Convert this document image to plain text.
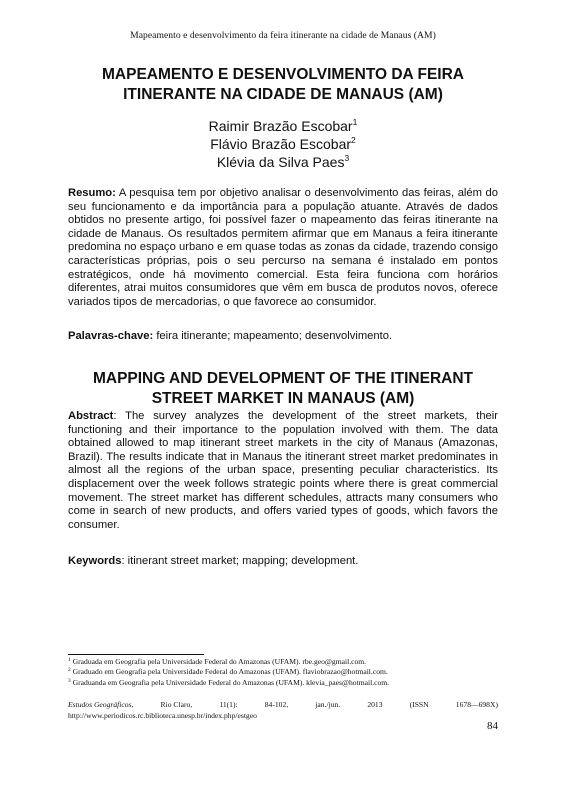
Mapeamento e desenvolvimento da feira itinerante na cidade de Manaus (AM)
MAPEAMENTO E DESENVOLVIMENTO DA FEIRA
ITINERANTE NA CIDADE DE MANAUS (AM)
Raimir Brazão Escobar$^1$
Flávio Brazão Escobar$^2$
Klévia da Silva Paes$^3$

Resumo: A pesquisa tem por objetivo analisar o desenvolvimento das feiras, além do seu funcionamento e da importância para a população atuante. Através de dados obtidos no presente artigo, foi possível fazer o mapeamento das feiras itinerante na cidade de Manaus. Os resultados permitem afirmar que em Manaus a feira itinerante predomina no espaço urbano e em quase todas as zonas da cidade, trazendo consigo características próprias, pois o seu percurso na semana é instalado em pontos estratégicos, onde há movimento comercial. Esta feira funciona com horários diferentes, atrai muitos consumidores que vêm em busca de produtos novos, oferece variados tipos de mercadorias, o que favorece ao consumidor.

Palavras-chave: feira itinerante; mapeamento; desenvolvimento.

MAPPING AND DEVELOPMENT OF THE ITINERANT
STREET MARKET IN MANAUS (AM)

Abstract: The survey analyzes the development of the street markets, their functioning and their importance to the population involved with them. The data obtained allowed to map itinerant street markets in the city of Manaus (Amazonas, Brazil). The results indicate that in Manaus the itinerant street market predominates in almost all the regions of the urban space, presenting peculiar characteristics. Its displacement over the week follows strategic points where there is great commercial movement. The street market has different schedules, attracts many consumers who come in search of new products, and offers varied types of goods, which favors the consumer.

Keywords: itinerant street market; mapping; development.

$^1$ Graduada em Geografia pela Universidade Federal do Amazonas (UFAM). rbe.geo@gmail.com.
$^2$ Graduado em Geografia pela Universidade Federal do Amazonas (UFAM). flaviobrazao@hotmail.com.
$^3$ Graduanda em Geografia pela Universidade Federal do Amazonas (UFAM). klevia_paes@hotmail.com.
Estudos Geográficos,	Rio Claro,	11(1):	84-102,	jan./jun.	2013	(ISSN	1678—698X)
http://www.periodicos.rc.biblioteca.unesp.br/index.php/estgeo
84
